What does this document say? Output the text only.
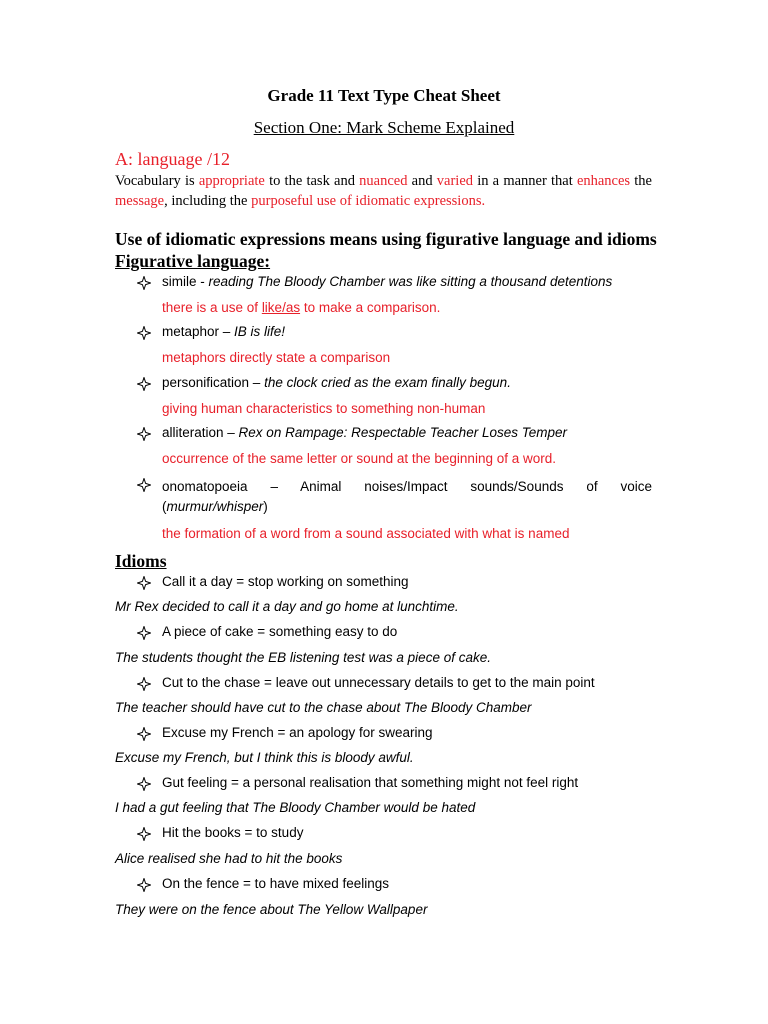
Grade 11 Text Type Cheat Sheet
Section One: Mark Scheme Explained
A: language /12
Vocabulary is appropriate to the task and nuanced and varied in a manner that enhances the message, including the purposeful use of idiomatic expressions.
Use of idiomatic expressions means using figurative language and idioms
Figurative language:
simile - reading The Bloody Chamber was like sitting a thousand detentions
there is a use of like/as to make a comparison.
metaphor – IB is life!
metaphors directly state a comparison
personification – the clock cried as the exam finally begun.
giving human characteristics to something non-human
alliteration – Rex on Rampage: Respectable Teacher Loses Temper
occurrence of the same letter or sound at the beginning of a word.
onomatopoeia – Animal noises/Impact sounds/Sounds of voice
(murmur/whisper)
the formation of a word from a sound associated with what is named
Idioms
Call it a day = stop working on something
Mr Rex decided to call it a day and go home at lunchtime.
A piece of cake = something easy to do
The students thought the EB listening test was a piece of cake.
Cut to the chase = leave out unnecessary details to get to the main point
The teacher should have cut to the chase about The Bloody Chamber
Excuse my French = an apology for swearing
Excuse my French, but I think this is bloody awful.
Gut feeling = a personal realisation that something might not feel right
I had a gut feeling that The Bloody Chamber would be hated
Hit the books = to study
Alice realised she had to hit the books
On the fence = to have mixed feelings
They were on the fence about The Yellow Wallpaper
